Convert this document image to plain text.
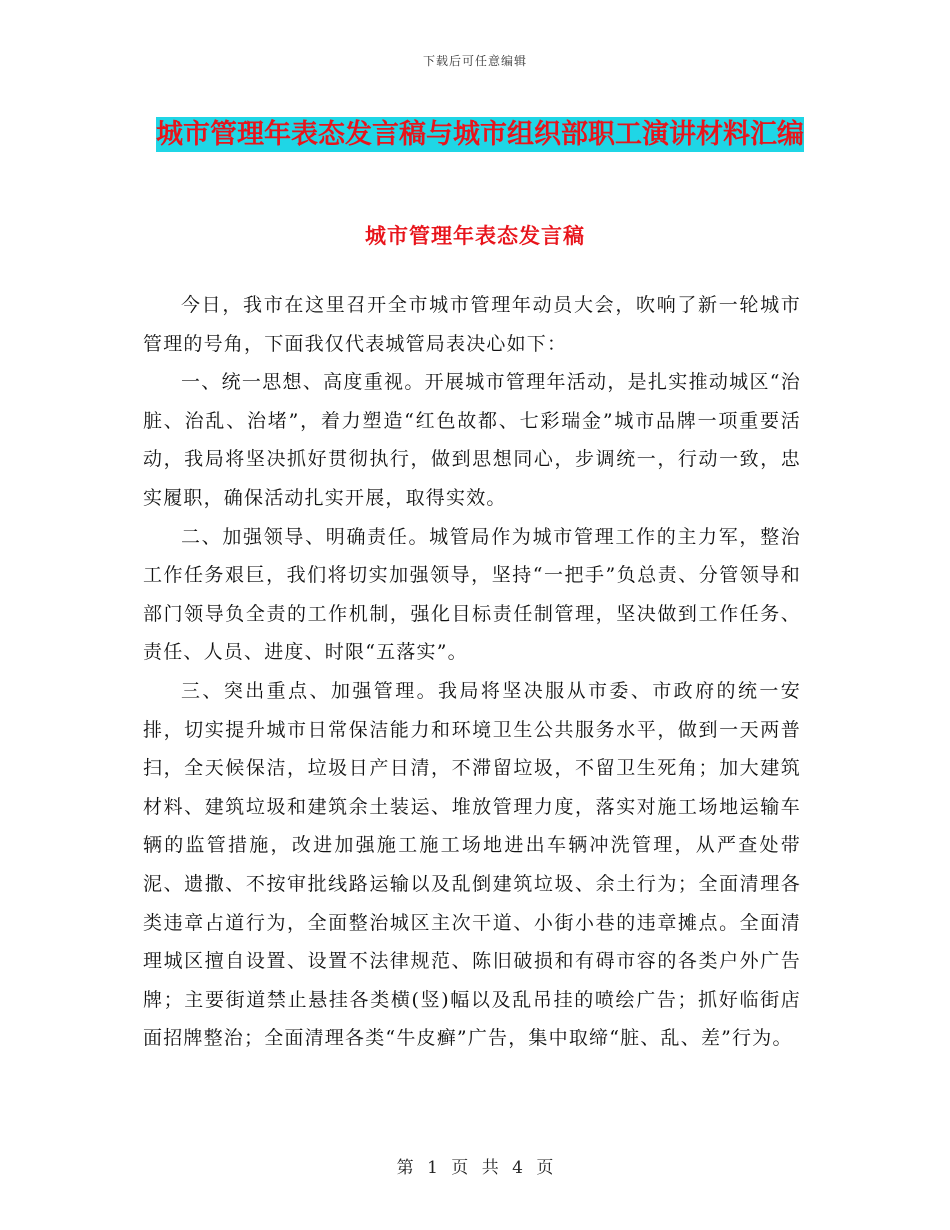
下载后可任意编辑
城市管理年表态发言稿与城市组织部职工演讲材料汇编
城市管理年表态发言稿

今日，我市在这里召开全市城市管理年动员大会，吹响了新一轮城市管理的号角，下面我仅代表城管局表决心如下：

一、统一思想、高度重视。开展城市管理年活动，是扎实推动城区“治脏、治乱、治堵”，着力塑造“红色故都、七彩瑞金”城市品牌一项重要活动，我局将坚决抓好贯彻执行，做到思想同心，步调统一，行动一致，忠实履职，确保活动扎实开展，取得实效。

二、加强领导、明确责任。城管局作为城市管理工作的主力军，整治工作任务艰巨，我们将切实加强领导，坚持“一把手”负总责、分管领导和部门领导负全责的工作机制，强化目标责任制管理，坚决做到工作任务、责任、人员、进度、时限“五落实”。

三、突出重点、加强管理。我局将坚决服从市委、市政府的统一安排，切实提升城市日常保洁能力和环境卫生公共服务水平，做到一天两普扫，全天候保洁，垃圾日产日清，不滞留垃圾，不留卫生死角；加大建筑材料、建筑垃圾和建筑余土装运、堆放管理力度，落实对施工场地运输车辆的监管措施，改进加强施工施工场地进出车辆冲洗管理，从严查处带泥、遗撒、不按审批线路运输以及乱倒建筑垃圾、余土行为；全面清理各类违章占道行为，全面整治城区主次干道、小街小巷的违章摊点。全面清理城区擅自设置、设置不法律规范、陈旧破损和有碍市容的各类户外广告牌；主要街道禁止悬挂各类横(竖)幅以及乱吊挂的喷绘广告；抓好临街店面招牌整治；全面清理各类“牛皮癣”广告，集中取缔“脏、乱、差”行为。

第 1 页 共 4 页
